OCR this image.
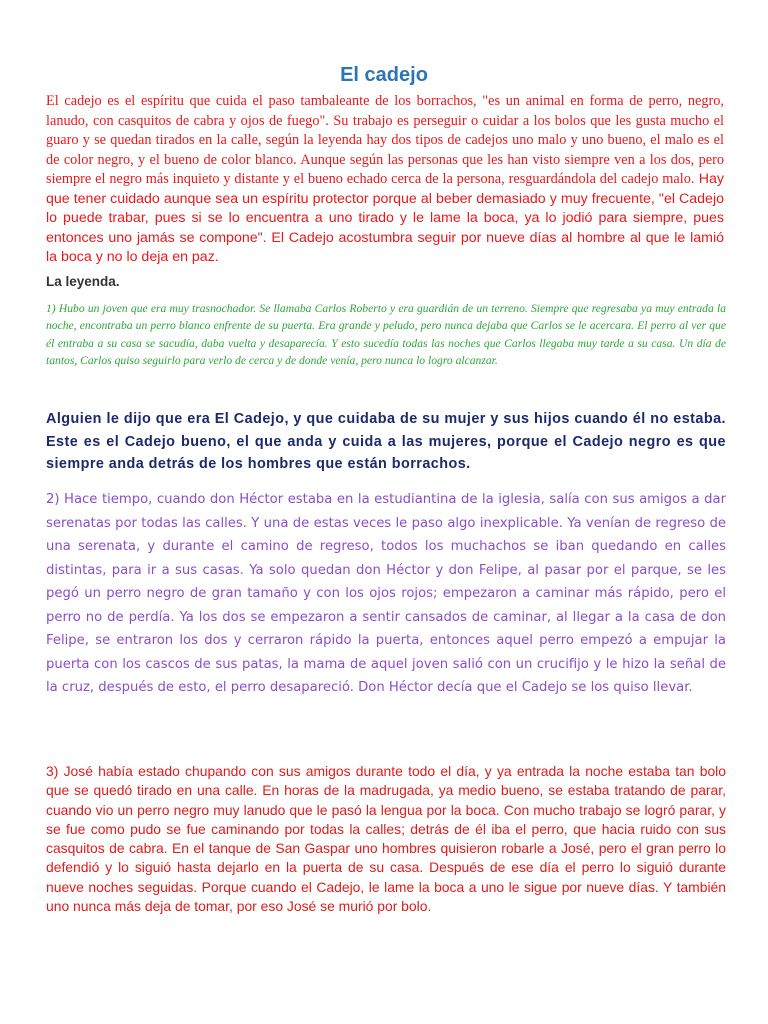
El cadejo
El cadejo es el espíritu que cuida el paso tambaleante de los borrachos, "es un animal en forma de perro, negro, lanudo, con casquitos de cabra y ojos de fuego". Su trabajo es perseguir o cuidar a los bolos que les gusta mucho el guaro y se quedan tirados en la calle, según la leyenda hay dos tipos de cadejos uno malo y uno bueno, el malo es el de color negro, y el bueno de color blanco. Aunque según las personas que les han visto siempre ven a los dos, pero siempre el negro más inquieto y distante y el bueno echado cerca de la persona, resguardándola del cadejo malo. Hay que tener cuidado aunque sea un espíritu protector porque al beber demasiado y muy frecuente, "el Cadejo lo puede trabar, pues si se lo encuentra a uno tirado y le lame la boca, ya lo jodió para siempre, pues entonces uno jamás se compone". El Cadejo acostumbra seguir por nueve días al hombre al que le lamió la boca y no lo deja en paz.
La leyenda.
1) Hubo un joven que era muy trasnochador. Se llamaba Carlos Roberto y era guardián de un terreno. Siempre que regresaba ya muy entrada la noche, encontraba un perro blanco enfrente de su puerta. Era grande y peludo, pero nunca dejaba que Carlos se le acercara. El perro al ver que él entraba a su casa se sacudía, daba vuelta y desaparecía. Y esto sucedía todas las noches que Carlos llegaba muy tarde a su casa. Un día de tantos, Carlos quiso seguirlo para verlo de cerca y de donde venía, pero nunca lo logro alcanzar.
Alguien le dijo que era El Cadejo, y que cuidaba de su mujer y sus hijos cuando él no estaba. Este es el Cadejo bueno, el que anda y cuida a las mujeres, porque el Cadejo negro es que siempre anda detrás de los hombres que están borrachos.
2) Hace tiempo, cuando don Héctor estaba en la estudiantina de la iglesia, salía con sus amigos a dar serenatas por todas las calles. Y una de estas veces le paso algo inexplicable. Ya venían de regreso de una serenata, y durante el camino de regreso, todos los muchachos se iban quedando en calles distintas, para ir a sus casas. Ya solo quedan don Héctor y don Felipe, al pasar por el parque, se les pegó un perro negro de gran tamaño y con los ojos rojos; empezaron a caminar más rápido, pero el perro no de perdía. Ya los dos se empezaron a sentir cansados de caminar, al llegar a la casa de don Felipe, se entraron los dos y cerraron rápido la puerta, entonces aquel perro empezó a empujar la puerta con los cascos de sus patas, la mama de aquel joven salió con un crucifijo y le hizo la señal de la cruz, después de esto, el perro desapareció. Don Héctor decía que el Cadejo se los quiso llevar.
3) José había estado chupando con sus amigos durante todo el día, y ya entrada la noche estaba tan bolo que se quedó tirado en una calle. En horas de la madrugada, ya medio bueno, se estaba tratando de parar, cuando vio un perro negro muy lanudo que le pasó la lengua por la boca. Con mucho trabajo se logró parar, y se fue como pudo se fue caminando por todas la calles; detrás de él iba el perro, que hacia ruido con sus casquitos de cabra. En el tanque de San Gaspar uno hombres quisieron robarle a José, pero el gran perro lo defendió y lo siguió hasta dejarlo en la puerta de su casa. Después de ese día el perro lo siguió durante nueve noches seguidas. Porque cuando el Cadejo, le lame la boca a uno le sigue por nueve días. Y también uno nunca más deja de tomar, por eso José se murió por bolo.
